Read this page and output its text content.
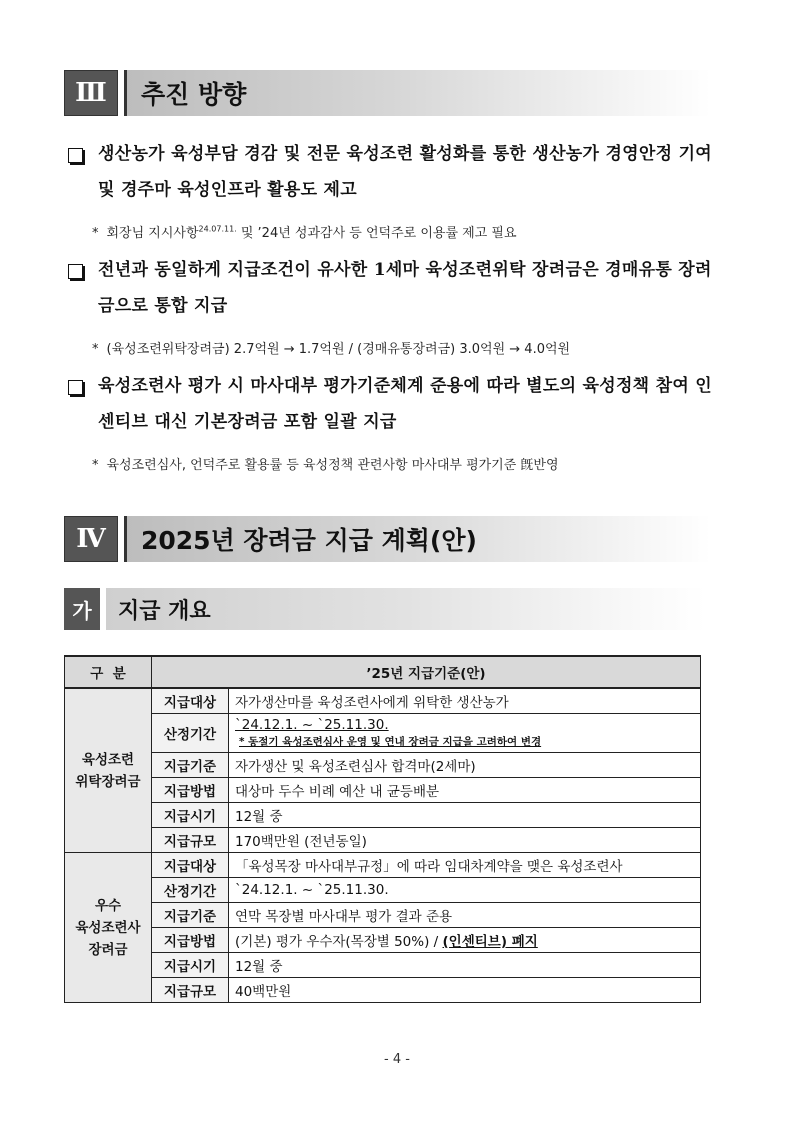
Ⅲ	추진 방향
생산농가 육성부담 경감 및 전문 육성조련 활성화를 통한 생산농가 경영안정 기여 및 경주마 육성인프라 활용도 제고
* 회장님 지시사항$^{24.07.11.}$ 및 ’24년 성과감사 등 언덕주로 이용률 제고 필요
전년과 동일하게 지급조건이 유사한 1세마 육성조련위탁 장려금은 경매유통 장려금으로 통합 지급
* (육성조련위탁장려금) 2.7억원 → 1.7억원 / (경매유통장려금) 3.0억원 → 4.0억원
육성조련사 평가 시 마사대부 평가기준체계 준용에 따라 별도의 육성정책 참여 인센티브 대신 기본장려금 포함 일괄 지급
* 육성조련심사, 언덕주로 활용률 등 육성정책 관련사항 마사대부 평가기준 旣반영
Ⅳ	2025년 장려금 지급 계획(안)
가	지급 개요
구  분	’25년 지급기준(안)	
육성조련
위탁장려금	지급대상	자가생산마를 육성조련사에게 위탁한 생산농가
	산정기간	`24.12.1. ~ `25.11.30.
* 동절기 육성조련심사 운영 및 연내 장려금 지급을 고려하여 변경

	지급기준	자가생산 및 육성조련심사 합격마(2세마)
	지급방법	대상마 두수 비례 예산 내 균등배분
	지급시기	12월 중
	지급규모	170백만원 (전년동일)
우수
육성조련사
장려금	지급대상	「육성목장 마사대부규정」에 따라 임대차계약을 맺은 육성조련사
	산정기간	`24.12.1. ~ `25.11.30.
	지급기준	연막 목장별 마사대부 평가 결과 준용
	지급방법	(기본) 평가 우수자(목장별 50%) / (인센티브) 폐지
	지급시기	12월 중
	지급규모	40백만원
- 4 -
